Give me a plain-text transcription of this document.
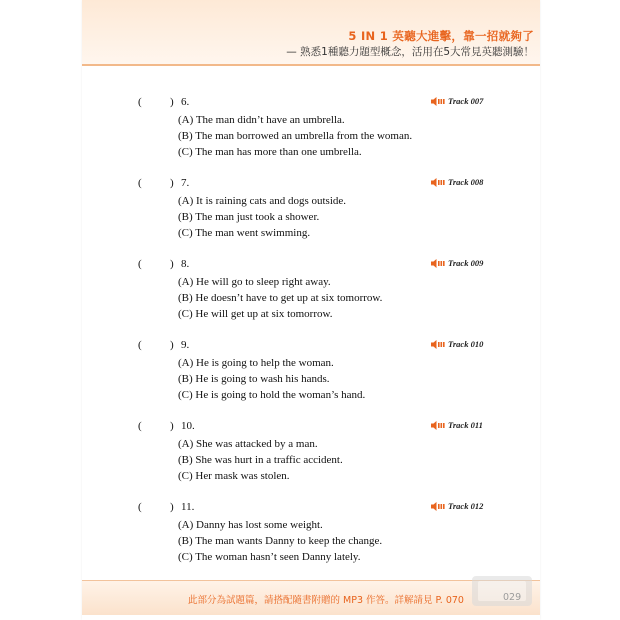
5 IN 1 英聽大進擊，靠一招就夠了
— 熟悉1種聽力題型概念，活用在5大常見英聽測驗！
(	) 6.	Track 007
(A) The man didn’t have an umbrella.
(B) The man borrowed an umbrella from the woman.
(C) The man has more than one umbrella.
(	) 7.	Track 008
(A) It is raining cats and dogs outside.
(B) The man just took a shower.
(C) The man went swimming.
(	) 8.	Track 009
(A) He will go to sleep right away.
(B) He doesn’t have to get up at six tomorrow.
(C) He will get up at six tomorrow.
(	) 9.	Track 010
(A) He is going to help the woman.
(B) He is going to wash his hands.
(C) He is going to hold the woman’s hand.
(	) 10.	Track 011
(A) She was attacked by a man.
(B) She was hurt in a traffic accident.
(C) Her mask was stolen.
(	) 11.	Track 012
(A) Danny has lost some weight.
(B) The man wants Danny to keep the change.
(C) The woman hasn’t seen Danny lately.
此部分為試題篇，請搭配隨書附贈的 MP3 作答。詳解請見 P. 070
